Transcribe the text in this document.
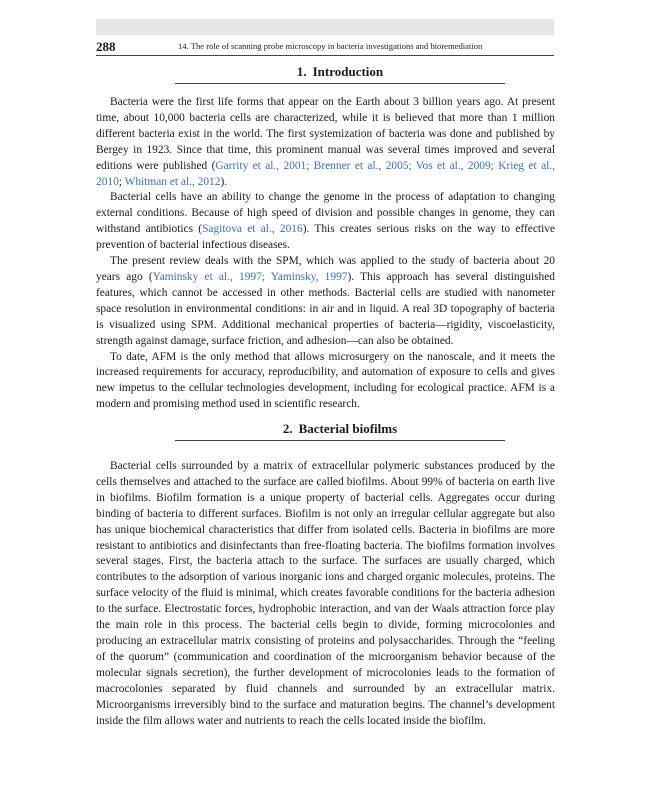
288	14. The role of scanning probe microscopy in bacteria investigations and bioremediation
1. Introduction

Bacteria were the first life forms that appear on the Earth about 3 billion years ago. At present time, about 10,000 bacteria cells are characterized, while it is believed that more than 1 million different bacteria exist in the world. The first systemization of bacteria was done and published by Bergey in 1923. Since that time, this prominent manual was several times improved and several editions were published (Garrity et al., 2001; Brenner et al., 2005; Vos et al., 2009; Krieg et al., 2010; Whitman et al., 2012).

Bacterial cells have an ability to change the genome in the process of adaptation to changing external conditions. Because of high speed of division and possible changes in genome, they can withstand antibiotics (Sagitova et al., 2016). This creates serious risks on the way to effective prevention of bacterial infectious diseases.

The present review deals with the SPM, which was applied to the study of bacteria about 20 years ago (Yaminsky et al., 1997; Yaminsky, 1997). This approach has several distinguished features, which cannot be accessed in other methods. Bacterial cells are studied with nanometer space resolution in environmental conditions: in air and in liquid. A real 3D topography of bacteria is visualized using SPM. Additional mechanical properties of bacteria—rigidity, viscoelasticity, strength against damage, surface friction, and adhesion—can also be obtained.

To date, AFM is the only method that allows microsurgery on the nanoscale, and it meets the increased requirements for accuracy, reproducibility, and automation of exposure to cells and gives new impetus to the cellular technologies development, including for ecological practice. AFM is a modern and promising method used in scientific research.

2. Bacterial biofilms

Bacterial cells surrounded by a matrix of extracellular polymeric substances produced by the cells themselves and attached to the surface are called biofilms. About 99% of bacteria on earth live in biofilms. Biofilm formation is a unique property of bacterial cells. Aggregates occur during binding of bacteria to different surfaces. Biofilm is not only an irregular cellular aggregate but also has unique biochemical characteristics that differ from isolated cells. Bacteria in biofilms are more resistant to antibiotics and disinfectants than free-floating bacteria. The biofilms formation involves several stages. First, the bacteria attach to the surface. The surfaces are usually charged, which contributes to the adsorption of various inorganic ions and charged organic molecules, proteins. The surface velocity of the fluid is minimal, which creates favorable conditions for the bacteria adhesion to the surface. Electrostatic forces, hydrophobic interaction, and van der Waals attraction force play the main role in this process. The bacterial cells begin to divide, forming microcolonies and producing an extracellular matrix consisting of proteins and polysaccharides. Through the “feeling of the quorum” (communication and coordination of the microorganism behavior because of the molecular signals secretion), the further development of microcolonies leads to the formation of macrocolonies separated by fluid channels and surrounded by an extracellular matrix. Microorganisms irreversibly bind to the surface and maturation begins. The channel’s development inside the film allows water and nutrients to reach the cells located inside the biofilm.
